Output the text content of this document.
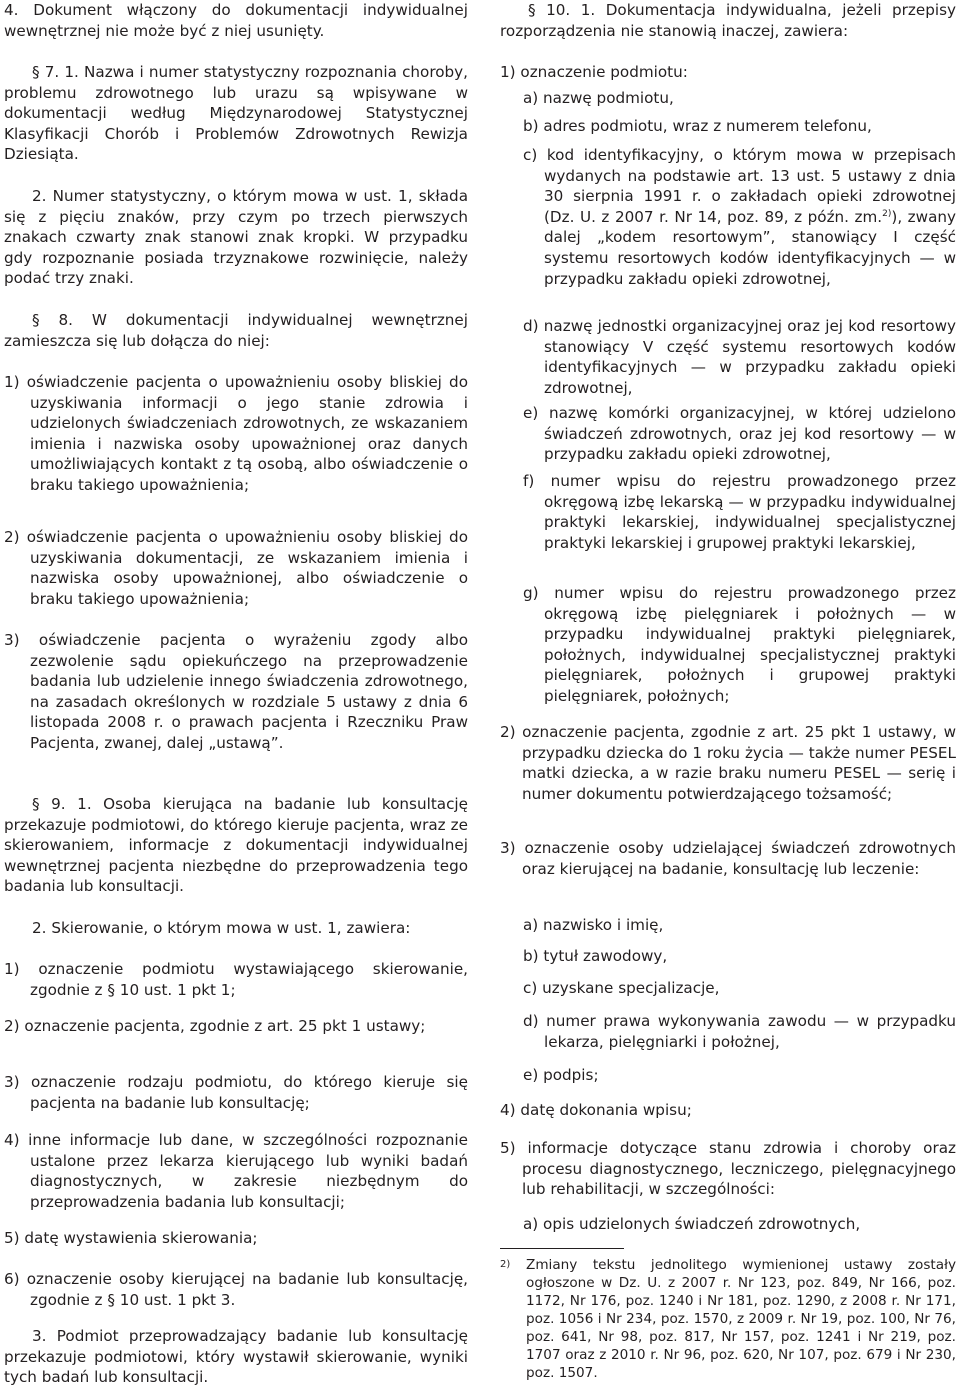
4. Dokument włączony do dokumentacji indywidualnej wewnętrznej nie może być z niej usunięty.

§ 7. 1. Nazwa i numer statystyczny rozpoznania choroby, problemu zdrowotnego lub urazu są wpisywane w dokumentacji według Międzynarodowej Statystycznej Klasyfikacji Chorób i Problemów Zdrowotnych Rewizja Dziesiąta.

2. Numer statystyczny, o którym mowa w ust. 1, składa się z pięciu znaków, przy czym po trzech pierwszych znakach czwarty znak stanowi znak kropki. W przypadku gdy rozpoznanie posiada trzyznakowe rozwinięcie, należy podać trzy znaki.

§ 8. W dokumentacji indywidualnej wewnętrznej zamieszcza się lub dołącza do niej:

1) oświadczenie pacjenta o upoważnieniu osoby bliskiej do uzyskiwania informacji o jego stanie zdrowia i udzielonych świadczeniach zdrowotnych, ze wskazaniem imienia i nazwiska osoby upoważnionej oraz danych umożliwiających kontakt z tą osobą, albo oświadczenie o braku takiego upoważnienia;

2) oświadczenie pacjenta o upoważnieniu osoby bliskiej do uzyskiwania dokumentacji, ze wskazaniem imienia i nazwiska osoby upoważnionej, albo oświadczenie o braku takiego upoważnienia;

3) oświadczenie pacjenta o wyrażeniu zgody albo zezwolenie sądu opiekuńczego na przeprowadzenie badania lub udzielenie innego świadczenia zdrowotnego, na zasadach określonych w rozdziale 5 ustawy z dnia 6 listopada 2008 r. o prawach pacjenta i Rzeczniku Praw Pacjenta, zwanej, dalej „ustawą”.

§ 9. 1. Osoba kierująca na badanie lub konsultację przekazuje podmiotowi, do którego kieruje pacjenta, wraz ze skierowaniem, informacje z dokumentacji indywidualnej wewnętrznej pacjenta niezbędne do przeprowadzenia tego badania lub konsultacji.

2. Skierowanie, o którym mowa w ust. 1, zawiera:

1) oznaczenie podmiotu wystawiającego skierowanie, zgodnie z § 10 ust. 1 pkt 1;

2) oznaczenie pacjenta, zgodnie z art. 25 pkt 1 ustawy;

3) oznaczenie rodzaju podmiotu, do którego kieruje się pacjenta na badanie lub konsultację;

4) inne informacje lub dane, w szczególności rozpoznanie ustalone przez lekarza kierującego lub wyniki badań diagnostycznych, w zakresie niezbędnym do przeprowadzenia badania lub konsultacji;

5) datę wystawienia skierowania;

6) oznaczenie osoby kierującej na badanie lub konsultację, zgodnie z § 10 ust. 1 pkt 3.

3. Podmiot przeprowadzający badanie lub konsultację przekazuje podmiotowi, który wystawił skierowanie, wyniki tych badań lub konsultacji.

§ 10. 1. Dokumentacja indywidualna, jeżeli przepisy rozporządzenia nie stanowią inaczej, zawiera:

1) oznaczenie podmiotu:

a) nazwę podmiotu,

b) adres podmiotu, wraz z numerem telefonu,

c) kod identyfikacyjny, o którym mowa w przepisach wydanych na podstawie art. 13 ust. 5 ustawy z dnia 30 sierpnia 1991 r. o zakładach opieki zdrowotnej (Dz. U. z 2007 r. Nr 14, poz. 89, z późn. zm.$^{2)}$), zwany dalej „kodem resortowym”, stanowiący I część systemu resortowych kodów identyfikacyjnych — w przypadku zakładu opieki zdrowotnej,

d) nazwę jednostki organizacyjnej oraz jej kod resortowy stanowiący V część systemu resortowych kodów identyfikacyjnych — w przypadku zakładu opieki zdrowotnej,

e) nazwę komórki organizacyjnej, w której udzielono świadczeń zdrowotnych, oraz jej kod resortowy — w przypadku zakładu opieki zdrowotnej,

f) numer wpisu do rejestru prowadzonego przez okręgową izbę lekarską — w przypadku indywidualnej praktyki lekarskiej, indywidualnej specjalistycznej praktyki lekarskiej i grupowej praktyki lekarskiej,

g) numer wpisu do rejestru prowadzonego przez okręgową izbę pielęgniarek i położnych — w przypadku indywidualnej praktyki pielęgniarek, położnych, indywidualnej specjalistycznej praktyki pielęgniarek, położnych i grupowej praktyki pielęgniarek, położnych;

2) oznaczenie pacjenta, zgodnie z art. 25 pkt 1 ustawy, w przypadku dziecka do 1 roku życia — także numer PESEL matki dziecka, a w razie braku numeru PESEL — serię i numer dokumentu potwierdzającego tożsamość;

3) oznaczenie osoby udzielającej świadczeń zdrowotnych oraz kierującej na badanie, konsultację lub leczenie:

a) nazwisko i imię,

b) tytuł zawodowy,

c) uzyskane specjalizacje,

d) numer prawa wykonywania zawodu — w przypadku lekarza, pielęgniarki i położnej,

e) podpis;

4) datę dokonania wpisu;

5) informacje dotyczące stanu zdrowia i choroby oraz procesu diagnostycznego, leczniczego, pielęgnacyjnego lub rehabilitacji, w szczególności:

a) opis udzielonych świadczeń zdrowotnych,

2) Zmiany tekstu jednolitego wymienionej ustawy zostały ogłoszone w Dz. U. z 2007 r. Nr 123, poz. 849, Nr 166, poz. 1172, Nr 176, poz. 1240 i Nr 181, poz. 1290, z 2008 r. Nr 171, poz. 1056 i Nr 234, poz. 1570, z 2009 r. Nr 19, poz. 100, Nr 76, poz. 641, Nr 98, poz. 817, Nr 157, poz. 1241 i Nr 219, poz. 1707 oraz z 2010 r. Nr 96, poz. 620, Nr 107, poz. 679 i Nr 230, poz. 1507.
